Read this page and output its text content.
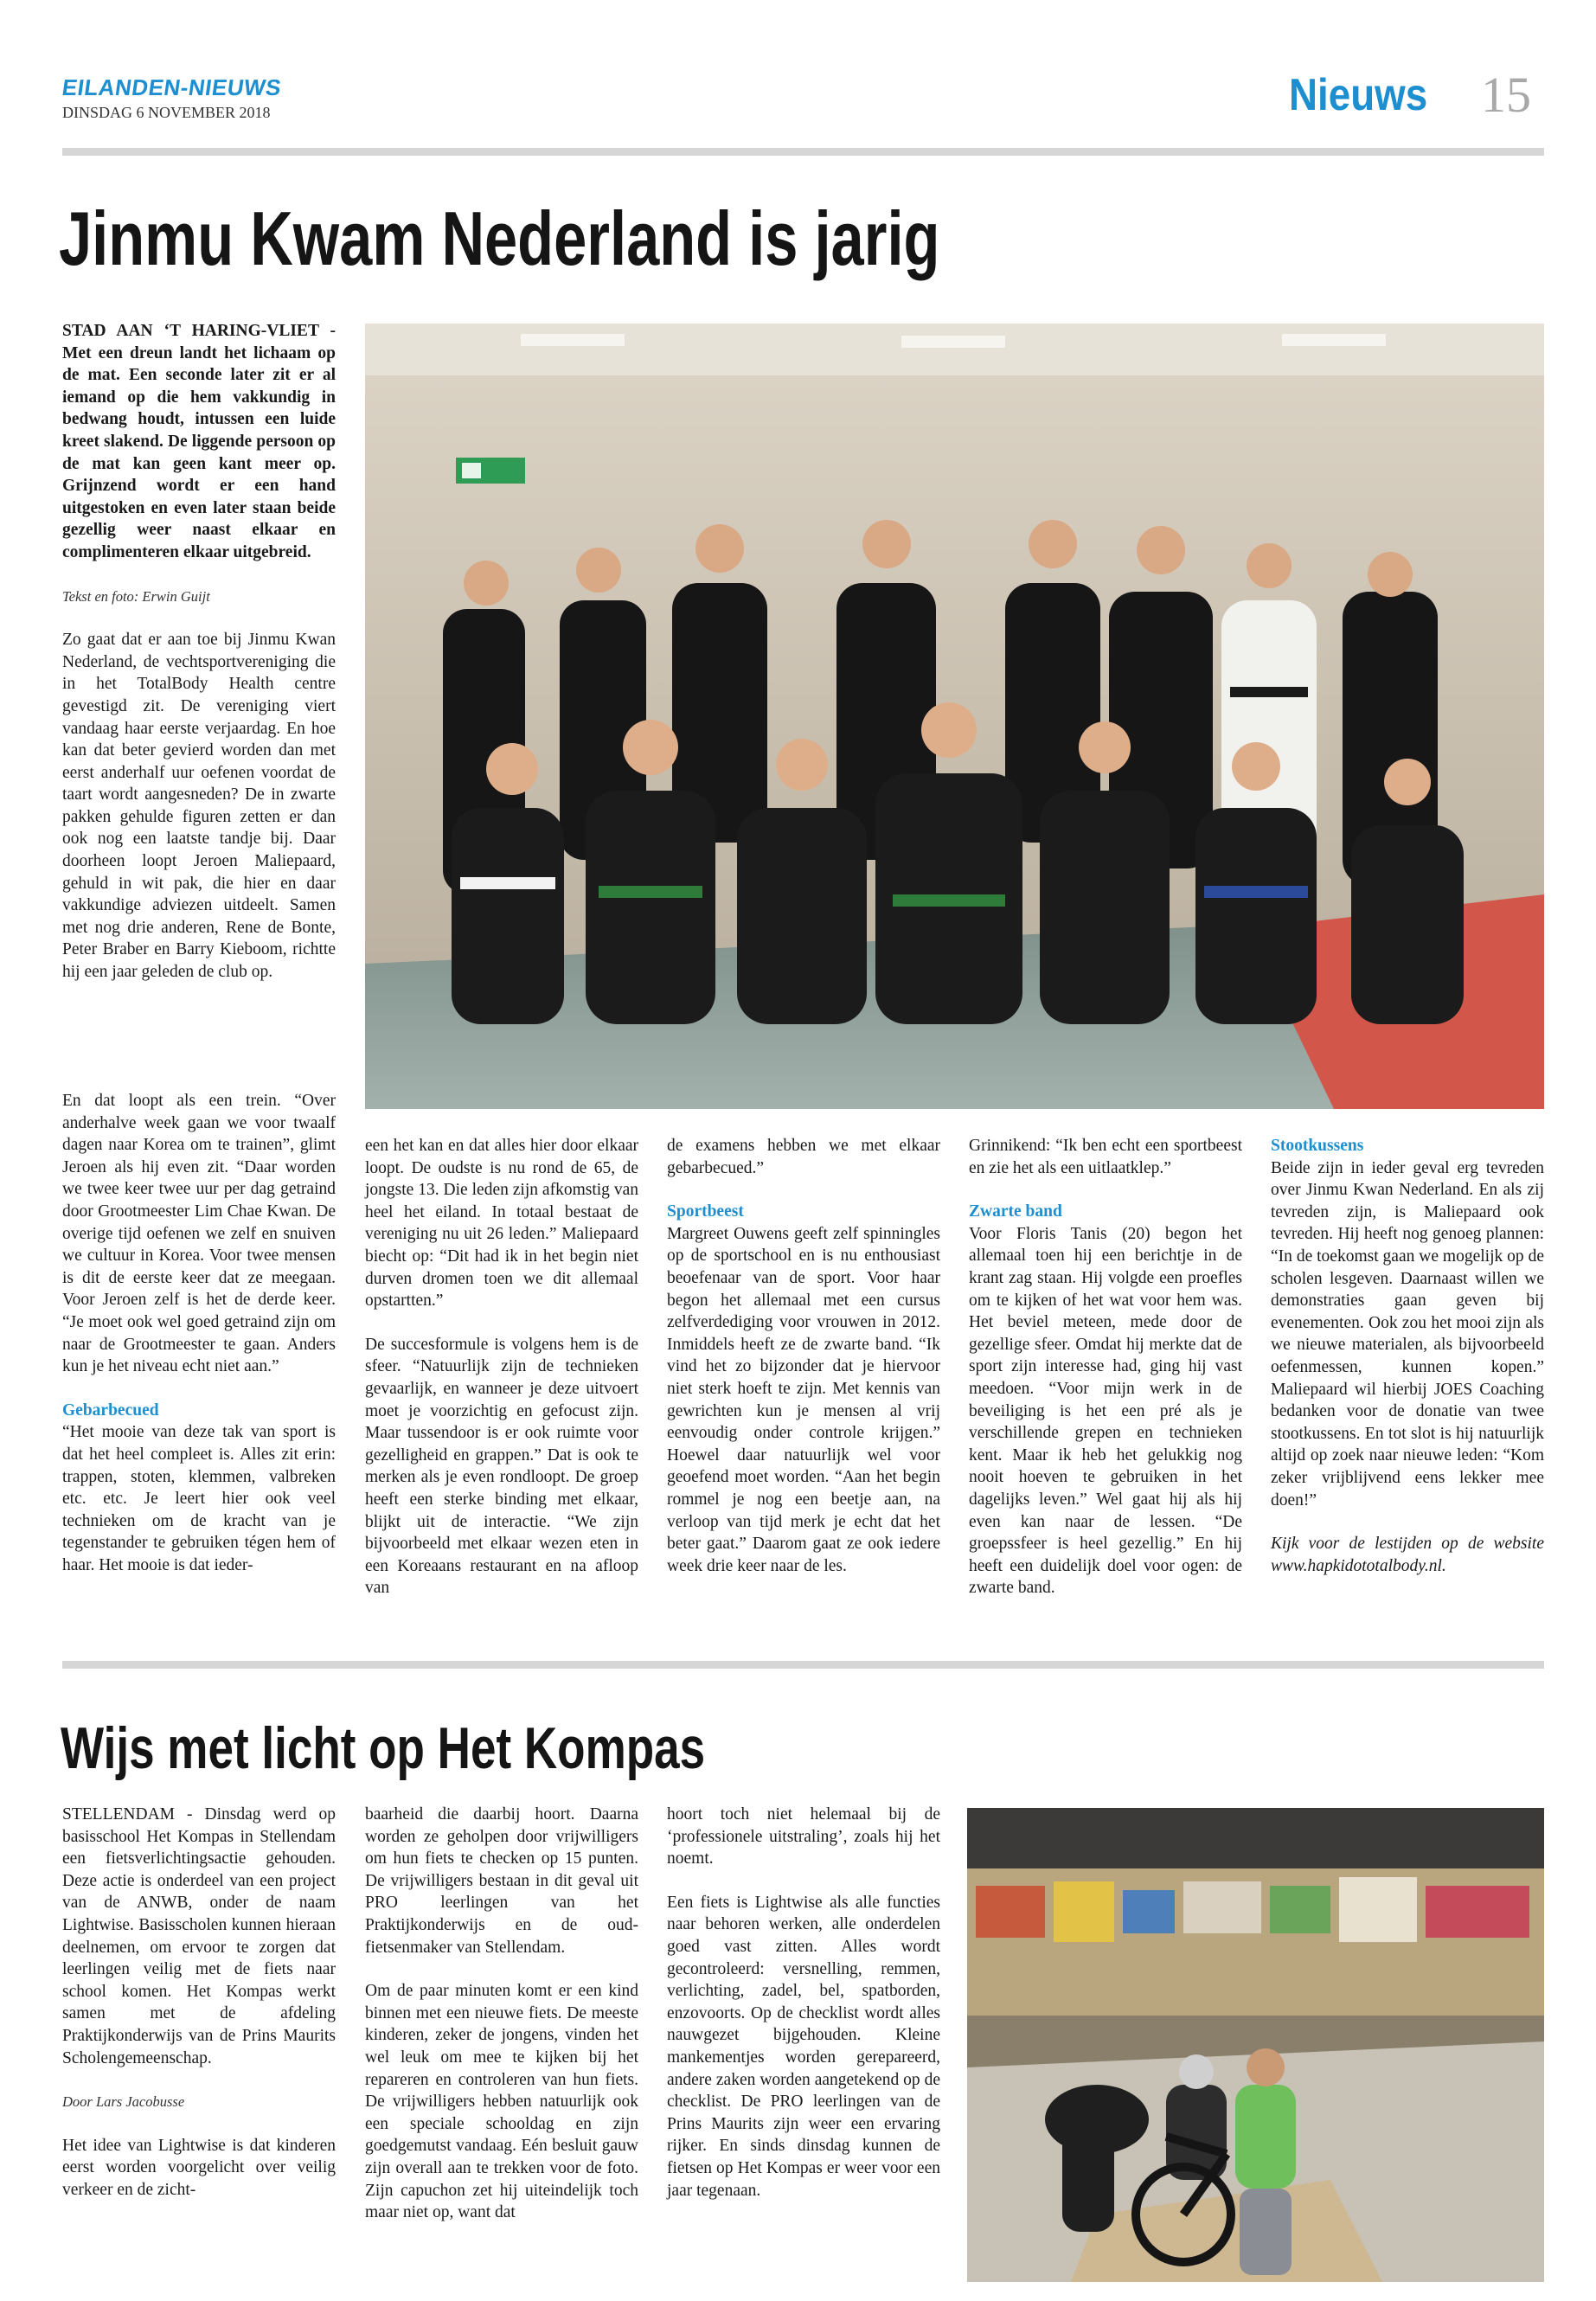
EILANDEN-NIEUWS
DINSDAG 6 NOVEMBER 2018	Nieuws 15
Jinmu Kwam Nederland is jarig

STAD AAN ‘T HARING-VLIET - Met een dreun landt het lichaam op de mat. Een seconde later zit er al iemand op die hem vakkundig in bedwang houdt, intussen een luide kreet slakend. De liggende persoon op de mat kan geen kant meer op. Grijnzend wordt er een hand uitgestoken en even later staan beide gezellig weer naast elkaar en complimenteren elkaar uitgebreid.

Tekst en foto: Erwin Guijt

Zo gaat dat er aan toe bij Jinmu Kwan Nederland, de vechtsportvereniging die in het TotalBody Health centre gevestigd zit. De vereniging viert vandaag haar eerste verjaardag. En hoe kan dat beter gevierd worden dan met eerst anderhalf uur oefenen voordat de taart wordt aangesneden? De in zwarte pakken gehulde figuren zetten er dan ook nog een laatste tandje bij. Daar doorheen loopt Jeroen Maliepaard, gehuld in wit pak, die hier en daar vakkundige adviezen uitdeelt. Samen met nog drie anderen, Rene de Bonte, Peter Braber en Barry Kieboom, richtte hij een jaar geleden de club op.

En dat loopt als een trein. “Over anderhalve week gaan we voor twaalf dagen naar Korea om te trainen”, glimt Jeroen als hij even zit. “Daar worden we twee keer twee uur per dag getraind door Grootmeester Lim Chae Kwan. De overige tijd oefenen we zelf en snuiven we cultuur in Korea. Voor twee mensen is dit de eerste keer dat ze meegaan. Voor Jeroen zelf is het de derde keer. “Je moet ook wel goed getraind zijn om naar de Grootmeester te gaan. Anders kun je het niveau echt niet aan.”

Gebarbecued

“Het mooie van deze tak van sport is dat het heel compleet is. Alles zit erin: trappen, stoten, klemmen, valbreken etc. etc. Je leert hier ook veel technieken om de kracht van je tegenstander te gebruiken tégen hem of haar. Het mooie is dat ieder-

een het kan en dat alles hier door elkaar loopt. De oudste is nu rond de 65, de jongste 13. Die leden zijn afkomstig van heel het eiland. In totaal bestaat de vereniging nu uit 26 leden.” Maliepaard biecht op: “Dit had ik in het begin niet durven dromen toen we dit allemaal opstartten.”

De succesformule is volgens hem is de sfeer. “Natuurlijk zijn de technieken gevaarlijk, en wanneer je deze uitvoert moet je voorzichtig en gefocust zijn. Maar tussendoor is er ook ruimte voor gezelligheid en grappen.” Dat is ook te merken als je even rondloopt. De groep heeft een sterke binding met elkaar, blijkt uit de interactie. “We zijn bijvoorbeeld met elkaar wezen eten in een Koreaans restaurant en na afloop van

de examens hebben we met elkaar gebarbecued.”

Sportbeest

Margreet Ouwens geeft zelf spinningles op de sportschool en is nu enthousiast beoefenaar van de sport. Voor haar begon het allemaal met een cursus zelfverdediging voor vrouwen in 2012. Inmiddels heeft ze de zwarte band. “Ik vind het zo bijzonder dat je hiervoor niet sterk hoeft te zijn. Met kennis van gewrichten kun je mensen al vrij eenvoudig onder controle krijgen.” Hoewel daar natuurlijk wel voor geoefend moet worden. “Aan het begin rommel je nog een beetje aan, na verloop van tijd merk je echt dat het beter gaat.” Daarom gaat ze ook iedere week drie keer naar de les.

Grinnikend: “Ik ben echt een sportbeest en zie het als een uitlaatklep.”

Zwarte band

Voor Floris Tanis (20) begon het allemaal toen hij een berichtje in de krant zag staan. Hij volgde een proefles om te kijken of het wat voor hem was. Het beviel meteen, mede door de gezellige sfeer. Omdat hij merkte dat de sport zijn interesse had, ging hij vast meedoen. “Voor mijn werk in de beveiliging is het een pré als je verschillende grepen en technieken kent. Maar ik heb het gelukkig nog nooit hoeven te gebruiken in het dagelijks leven.” Wel gaat hij als hij even kan naar de lessen. “De groepssfeer is heel gezellig.” En hij heeft een duidelijk doel voor ogen: de zwarte band.

Stootkussens

Beide zijn in ieder geval erg tevreden over Jinmu Kwan Nederland. En als zij tevreden zijn, is Maliepaard ook tevreden. Hij heeft nog genoeg plannen: “In de toekomst gaan we mogelijk op de scholen lesgeven. Daarnaast willen we demonstraties gaan geven bij evenementen. Ook zou het mooi zijn als we nieuwe materialen, als bijvoorbeeld oefenmessen, kunnen kopen.” Maliepaard wil hierbij JOES Coaching bedanken voor de donatie van twee stootkussens. En tot slot is hij natuurlijk altijd op zoek naar nieuwe leden: “Kom zeker vrijblijvend eens lekker mee doen!”

Kijk voor de lestijden op de website www.hapkidototalbody.nl.

Wijs met licht op Het Kompas

STELLENDAM - Dinsdag werd op basisschool Het Kompas in Stellendam een fietsverlichtingsactie gehouden. Deze actie is onderdeel van een project van de ANWB, onder de naam Lightwise. Basisscholen kunnen hieraan deelnemen, om ervoor te zorgen dat leerlingen veilig met de fiets naar school komen. Het Kompas werkt samen met de afdeling Praktijkonderwijs van de Prins Maurits Scholengemeenschap.

Door Lars Jacobusse

Het idee van Lightwise is dat kinderen eerst worden voorgelicht over veilig verkeer en de zicht-

baarheid die daarbij hoort. Daarna worden ze geholpen door vrijwilligers om hun fiets te checken op 15 punten. De vrijwilligers bestaan in dit geval uit PRO leerlingen van het Praktijkonderwijs en de oud-fietsenmaker van Stellendam.

Om de paar minuten komt er een kind binnen met een nieuwe fiets. De meeste kinderen, zeker de jongens, vinden het wel leuk om mee te kijken bij het repareren en controleren van hun fiets. De vrijwilligers hebben natuurlijk ook een speciale schooldag en zijn goedgemutst vandaag. Eén besluit gauw zijn overall aan te trekken voor de foto. Zijn capuchon zet hij uiteindelijk toch maar niet op, want dat

hoort toch niet helemaal bij de ‘professionele uitstraling’, zoals hij het noemt.

Een fiets is Lightwise als alle functies naar behoren werken, alle onderdelen goed vast zitten. Alles wordt gecontroleerd: versnelling, remmen, verlichting, zadel, bel, spatborden, enzovoorts. Op de checklist wordt alles nauwgezet bijgehouden. Kleine mankementjes worden gerepareerd, andere zaken worden aangetekend op de checklist. De PRO leerlingen van de Prins Maurits zijn weer een ervaring rijker. En sinds dinsdag kunnen de fietsen op Het Kompas er weer voor een jaar tegenaan.
